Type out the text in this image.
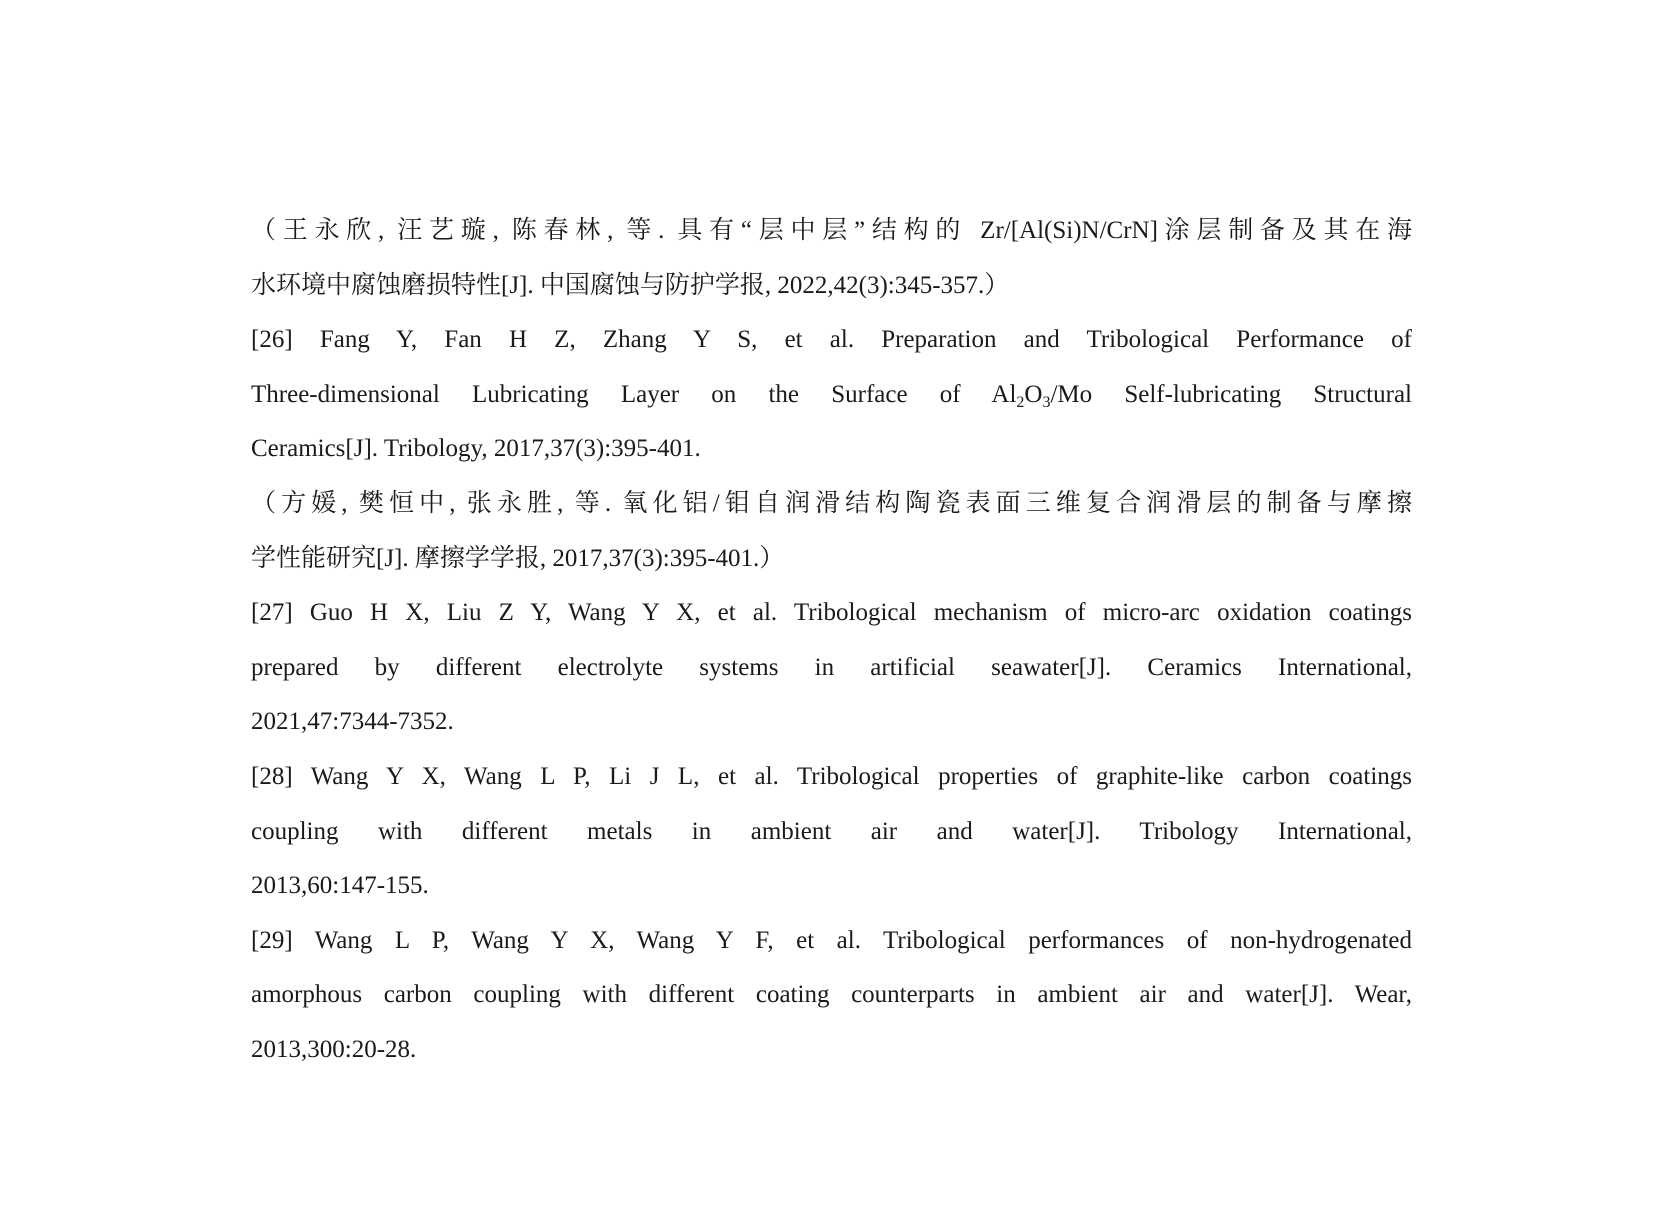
（王永欣, 汪艺璇, 陈春林, 等. 具有“层中层”结构的 Zr/[Al(Si)N/CrN]涂层制备及其在海
水环境中腐蚀磨损特性[J]. 中国腐蚀与防护学报, 2022,42(3):345-357.）
[26] Fang Y, Fan H Z, Zhang Y S, et al. Preparation and Tribological Performance of
Three-dimensional Lubricating Layer on the Surface of $Al_2O_3/Mo$ Self-lubricating Structural
Ceramics[J]. Tribology, 2017,37(3):395-401.
（方媛, 樊恒中, 张永胜, 等. 氧化铝/钼自润滑结构陶瓷表面三维复合润滑层的制备与摩擦
学性能研究[J]. 摩擦学学报, 2017,37(3):395-401.）
[27] Guo H X, Liu Z Y, Wang Y X, et al. Tribological mechanism of micro-arc oxidation coatings
prepared by different electrolyte systems in artificial seawater[J]. Ceramics International,
2021,47:7344-7352.
[28] Wang Y X, Wang L P, Li J L, et al. Tribological properties of graphite-like carbon coatings
coupling with different metals in ambient air and water[J]. Tribology International,
2013,60:147-155.
[29] Wang L P, Wang Y X, Wang Y F, et al. Tribological performances of non-hydrogenated
amorphous carbon coupling with different coating counterparts in ambient air and water[J]. Wear,
2013,300:20-28.
